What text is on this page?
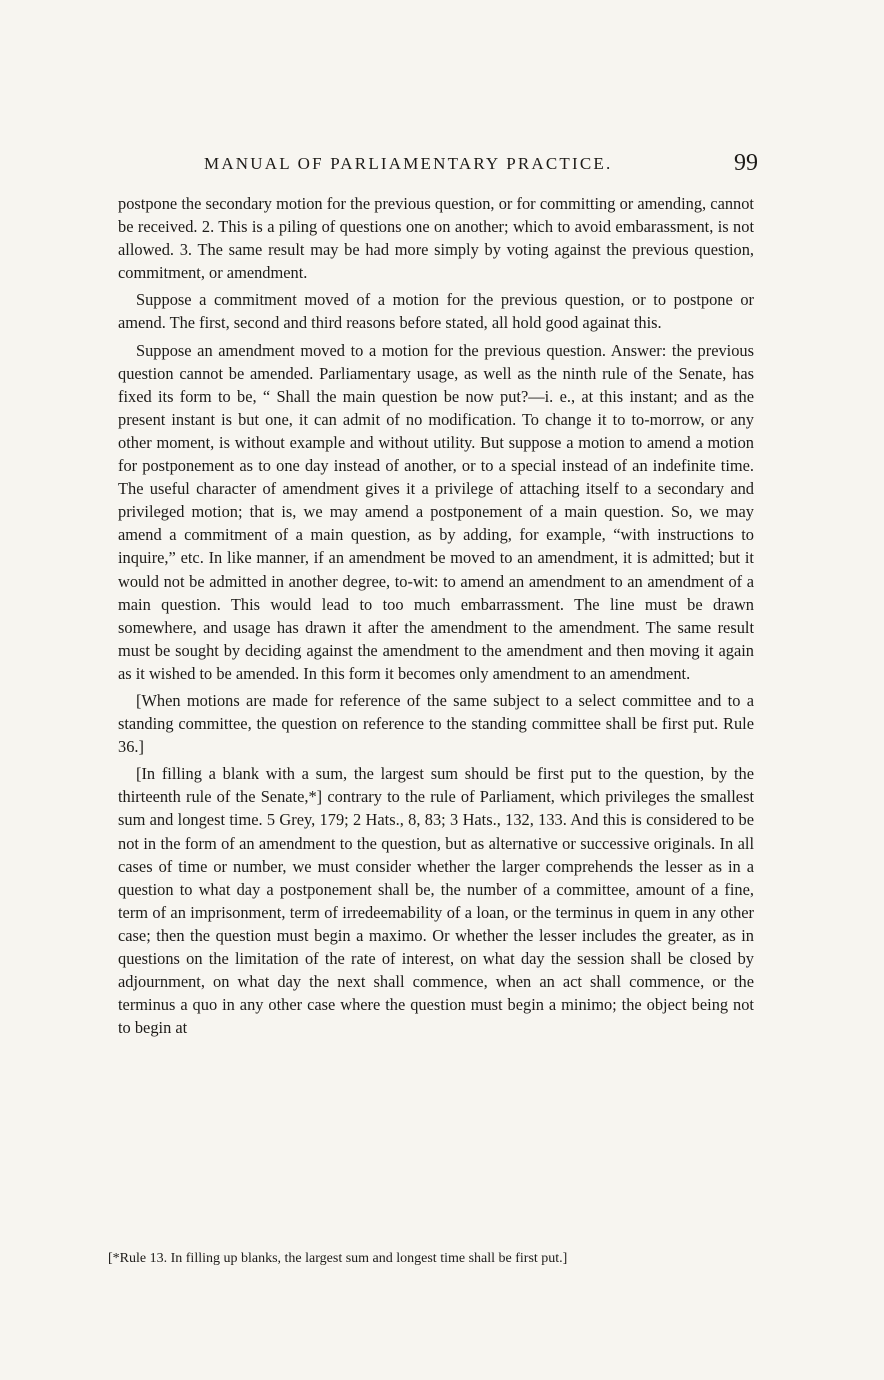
MANUAL OF PARLIAMENTARY PRACTICE.	99

postpone the secondary motion for the previous question, or for committing or amending, cannot be received. 2. This is a piling of questions one on another; which to avoid embarassment, is not allowed. 3. The same result may be had more simply by voting against the previous question, commitment, or amendment.

Suppose a commitment moved of a motion for the previous question, or to postpone or amend. The first, second and third reasons before stated, all hold good againat this.

Suppose an amendment moved to a motion for the previous question. Answer: the previous question cannot be amended. Parliamentary usage, as well as the ninth rule of the Senate, has fixed its form to be, “ Shall the main question be now put?—i. e., at this instant; and as the present instant is but one, it can admit of no modification. To change it to to-morrow, or any other moment, is without example and without utility. But suppose a motion to amend a motion for postponement as to one day instead of another, or to a special instead of an indefinite time. The useful character of amendment gives it a privilege of attaching itself to a secondary and privileged motion; that is, we may amend a postponement of a main question. So, we may amend a commitment of a main question, as by adding, for example, “with instructions to inquire,” etc. In like manner, if an amendment be moved to an amendment, it is admitted; but it would not be admitted in another degree, to-wit: to amend an amendment to an amendment of a main question. This would lead to too much embarrassment. The line must be drawn somewhere, and usage has drawn it after the amendment to the amendment. The same result must be sought by deciding against the amendment to the amendment and then moving it again as it wished to be amended. In this form it becomes only amendment to an amendment.

[When motions are made for reference of the same subject to a select committee and to a standing committee, the question on reference to the standing committee shall be first put. Rule 36.]

[In filling a blank with a sum, the largest sum should be first put to the question, by the thirteenth rule of the Senate,*] contrary to the rule of Parliament, which privileges the smallest sum and longest time. 5 Grey, 179; 2 Hats., 8, 83; 3 Hats., 132, 133. And this is considered to be not in the form of an amendment to the question, but as alternative or successive originals. In all cases of time or number, we must consider whether the larger comprehends the lesser as in a question to what day a postponement shall be, the number of a committee, amount of a fine, term of an imprisonment, term of irredeemability of a loan, or the terminus in quem in any other case; then the question must begin a maximo. Or whether the lesser includes the greater, as in questions on the limitation of the rate of interest, on what day the session shall be closed by adjournment, on what day the next shall commence, when an act shall commence, or the terminus a quo in any other case where the question must begin a minimo; the object being not to begin at

[*Rule 13. In filling up blanks, the largest sum and longest time shall be first put.]
